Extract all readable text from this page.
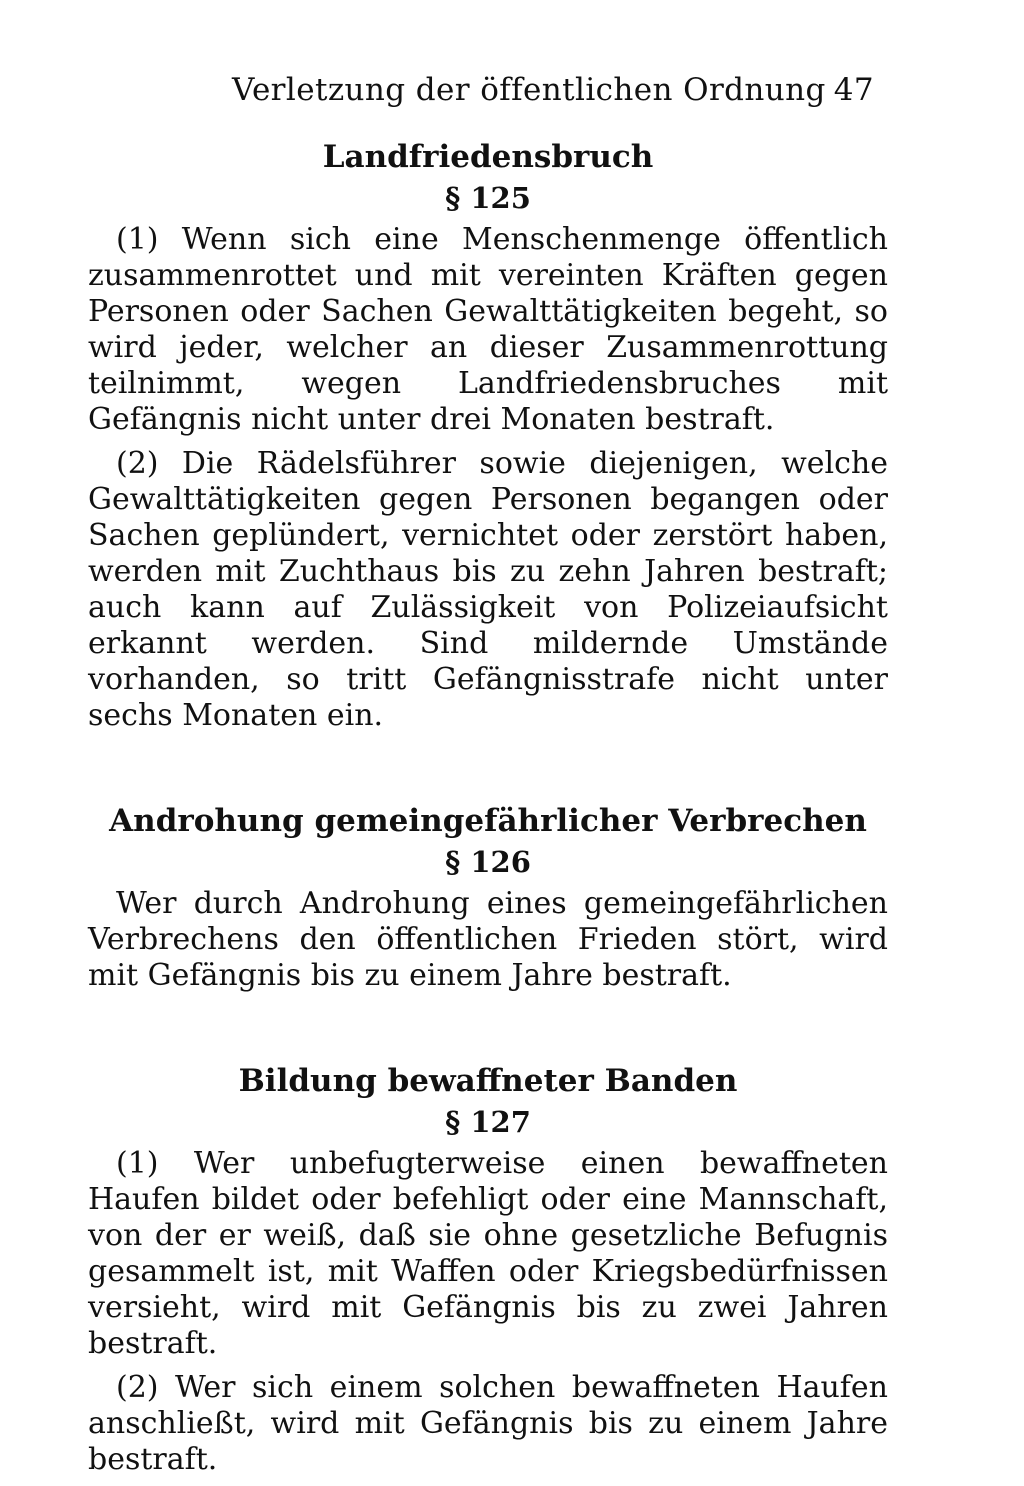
Verletzung der öffentlichen Ordnung 47
Landfriedensbruch
§ 125

(1) Wenn sich eine Menschenmenge öffentlich zusammenrottet und mit vereinten Kräften gegen Personen oder Sachen Gewalttätigkeiten begeht, so wird jeder, welcher an dieser Zusammenrottung teilnimmt, wegen Landfriedensbruches mit Gefängnis nicht unter drei Monaten bestraft.

(2) Die Rädelsführer sowie diejenigen, welche Gewalttätigkeiten gegen Personen begangen oder Sachen geplündert, vernichtet oder zerstört haben, werden mit Zuchthaus bis zu zehn Jahren bestraft; auch kann auf Zulässigkeit von Polizeiaufsicht erkannt werden. Sind mildernde Umstände vorhanden, so tritt Gefängnisstrafe nicht unter sechs Monaten ein.

Androhung gemeingefährlicher Verbrechen
§ 126

Wer durch Androhung eines gemeingefährlichen Verbrechens den öffentlichen Frieden stört, wird mit Gefängnis bis zu einem Jahre bestraft.

Bildung bewaffneter Banden
§ 127

(1) Wer unbefugterweise einen bewaffneten Haufen bildet oder befehligt oder eine Mannschaft, von der er weiß, daß sie ohne gesetzliche Befugnis gesammelt ist, mit Waffen oder Kriegsbedürfnissen versieht, wird mit Gefängnis bis zu zwei Jahren bestraft.

(2) Wer sich einem solchen bewaffneten Haufen anschließt, wird mit Gefängnis bis zu einem Jahre bestraft.
